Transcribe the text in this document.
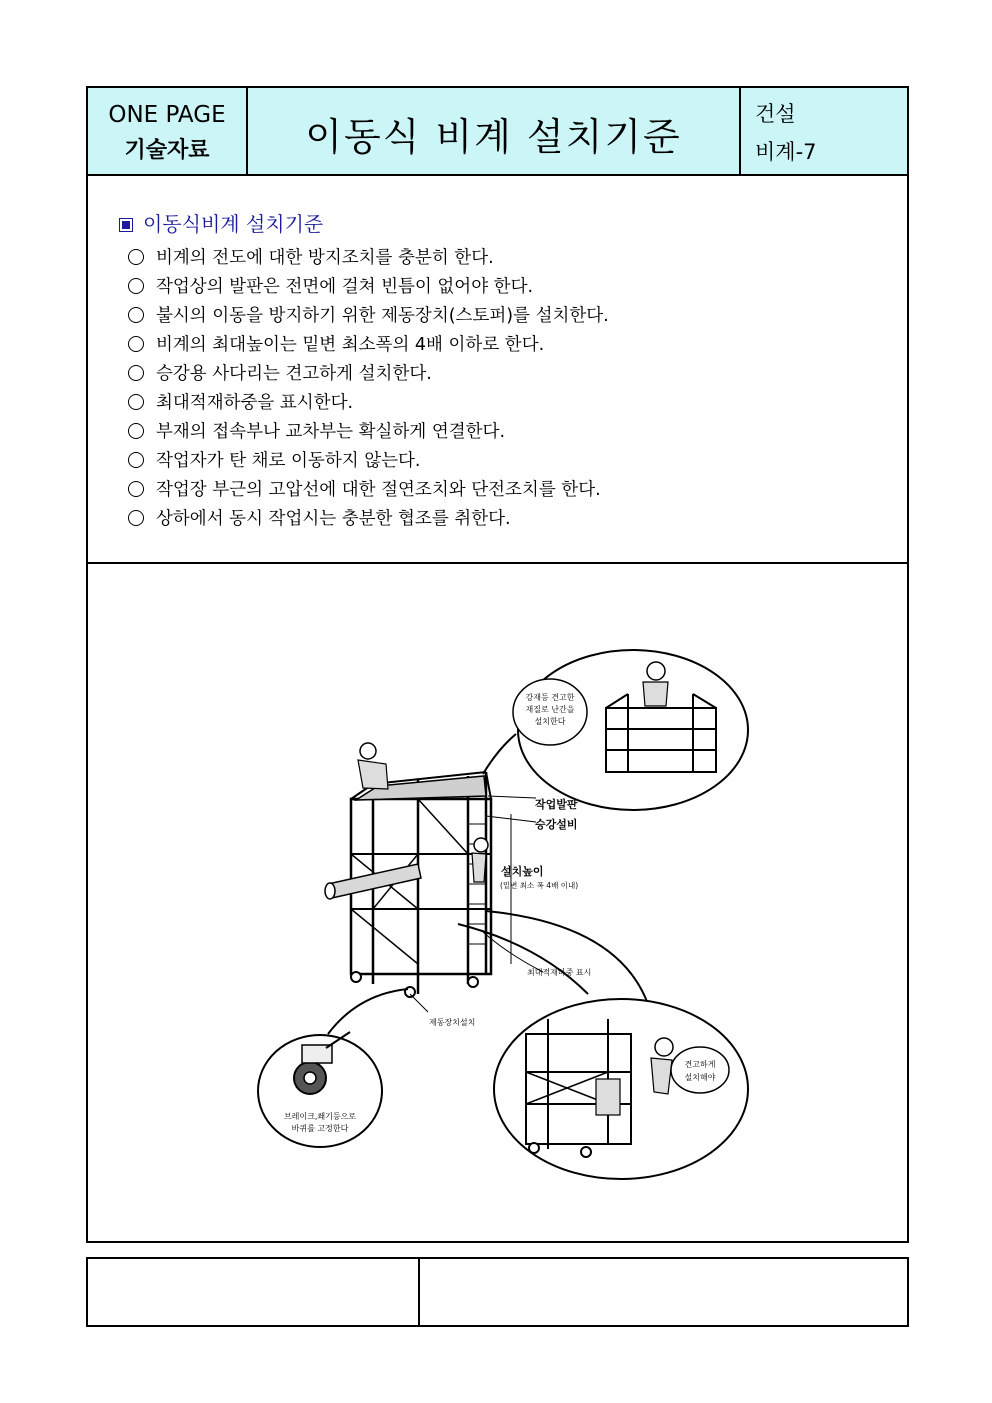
ONE PAGE
기술자료	이동식 비계 설치기준
건설
비계-7
이동식비계 설치기준
비계의 전도에 대한 방지조치를 충분히 한다.
작업상의 발판은 전면에 걸쳐 빈틈이 없어야 한다.
불시의 이동을 방지하기 위한 제동장치(스토퍼)를 설치한다.
비계의 최대높이는 밑변 최소폭의 4배 이하로 한다.
승강용 사다리는 견고하게 설치한다.
최대적재하중을 표시한다.
부재의 접속부나 교차부는 확실하게 연결한다.
작업자가 탄 채로 이동하지 않는다.
작업장 부근의 고압선에 대한 절연조치와 단전조치를 한다.
상하에서 동시 작업시는 충분한 협조를 취한다.
강재등 견고한
재질로 난간을
설치한다
작업발판
승강설비
설치높이
(밑변 최소 폭 4배 이내)
최대적재하중 표시
제동장치설치
브레이크,쐐기등으로
바퀴를 고정한다
견고하게
설치해야
